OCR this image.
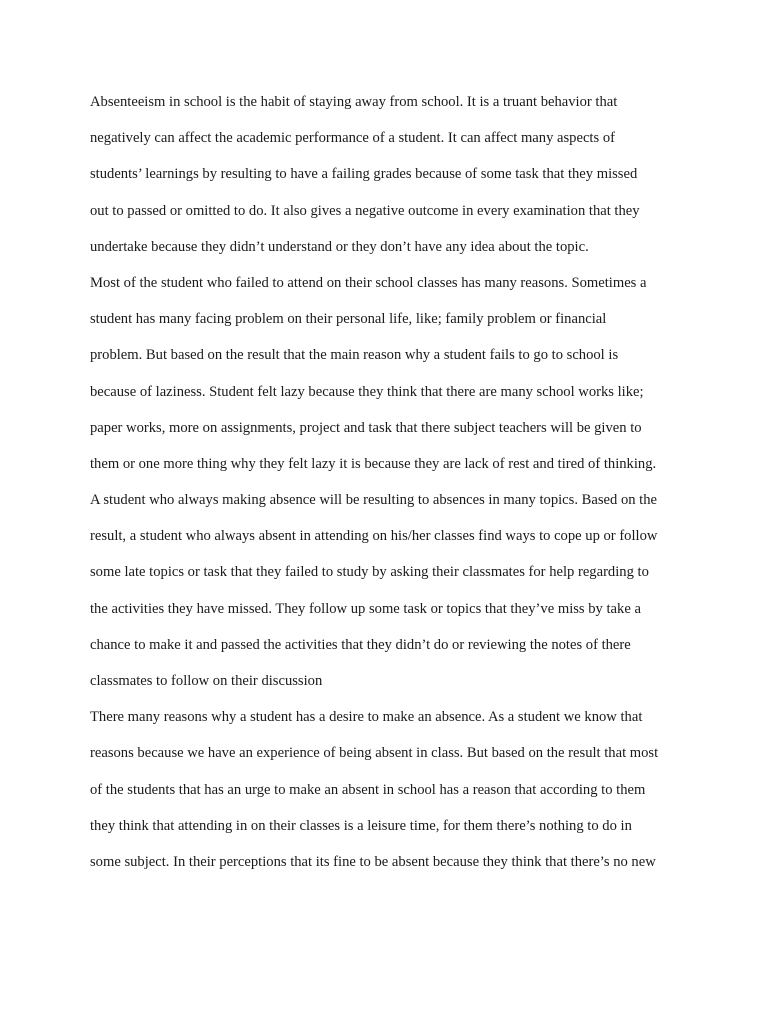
Absenteeism in school is the habit of staying away from school. It is a truant behavior that
negatively can affect the academic performance of a student. It can affect many aspects of
students’ learnings by resulting to have a failing grades because of some task that they missed
out to passed or omitted to do. It also gives a negative outcome in every examination that they
undertake because they didn’t understand or they don’t have any idea about the topic.

Most of the student who failed to attend on their school classes has many reasons. Sometimes a
student has many facing problem on their personal life, like; family problem or financial
problem. But based on the result that the main reason why a student fails to go to school is
because of laziness. Student felt lazy because they think that there are many school works like;
paper works, more on assignments, project and task that there subject teachers will be given to
them or one more thing why they felt lazy it is because they are lack of rest and tired of thinking.

A student who always making absence will be resulting to absences in many topics. Based on the
result, a student who always absent in attending on his/her classes find ways to cope up or follow
some late topics or task that they failed to study by asking their classmates for help regarding to
the activities they have missed. They follow up some task or topics that they’ve miss by take a
chance to make it and passed the activities that they didn’t do or reviewing the notes of there
classmates to follow on their discussion

There many reasons why a student has a desire to make an absence. As a student we know that
reasons because we have an experience of being absent in class. But based on the result that most
of the students that has an urge to make an absent in school has a reason that according to them
they think that attending in on their classes is a leisure time, for them there’s nothing to do in
some subject. In their perceptions that its fine to be absent because they think that there’s no new
